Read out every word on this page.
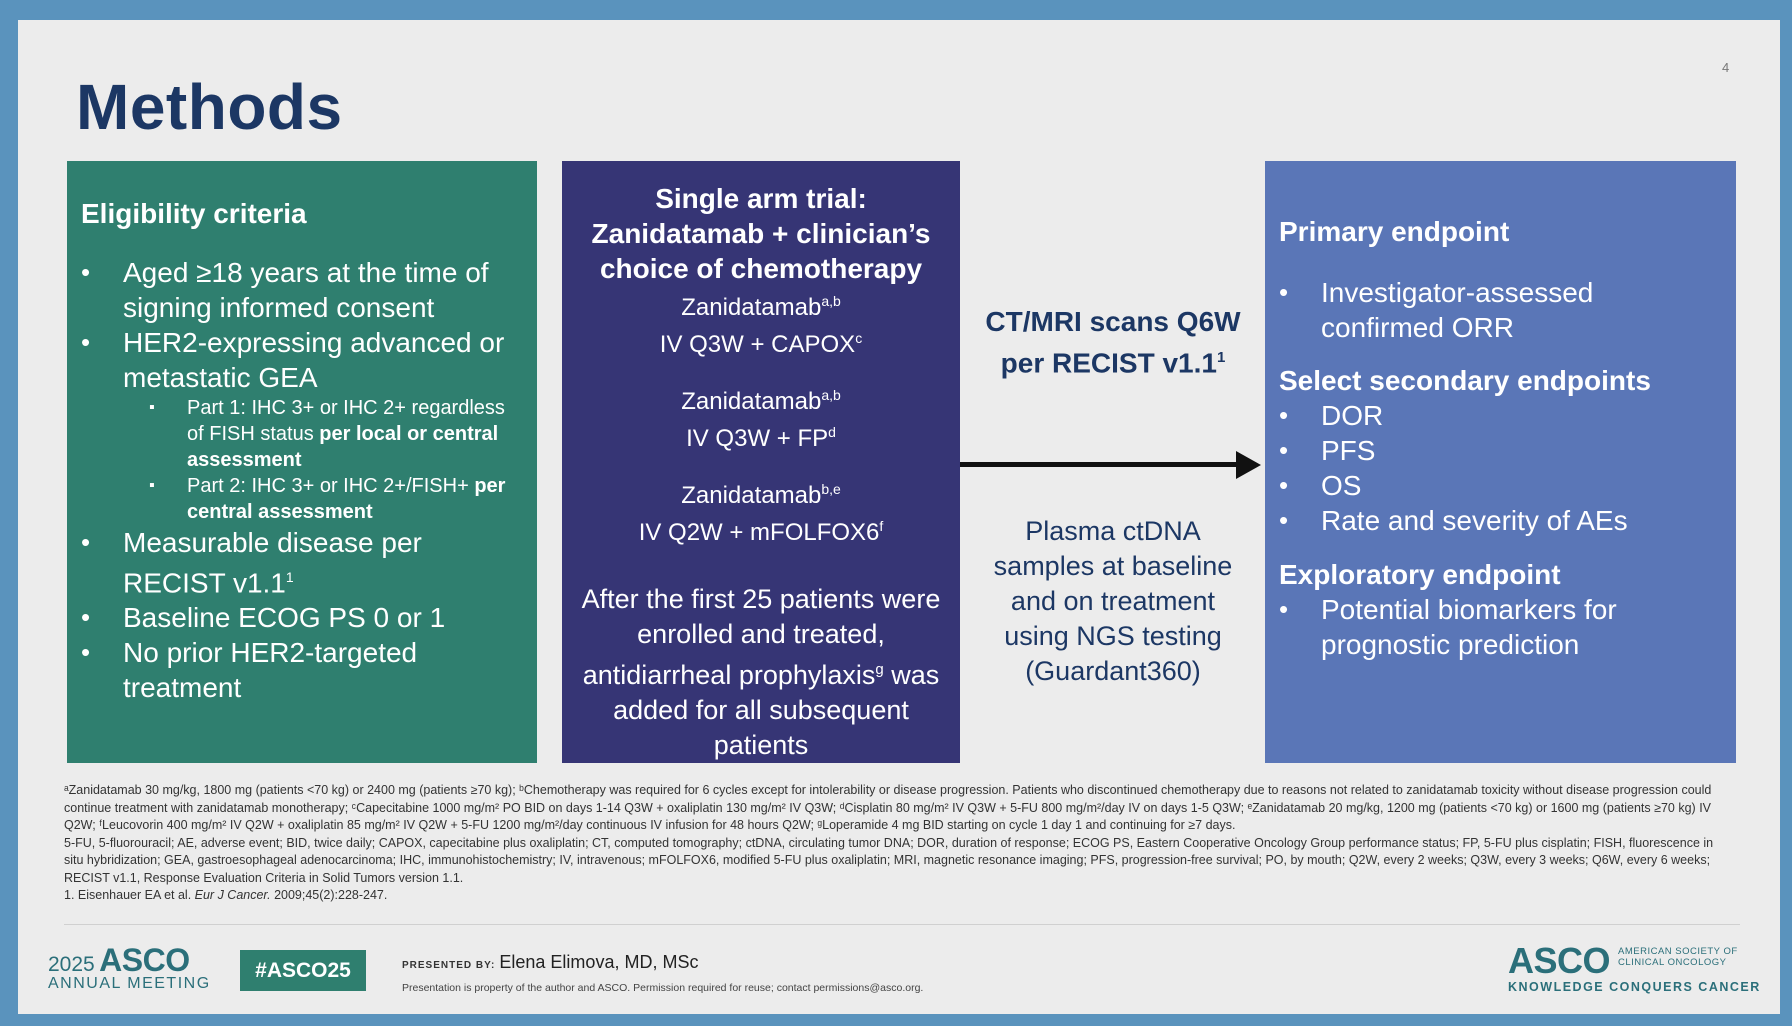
4
Methods
Eligibility criteria
• Aged ≥18 years at the time of signing informed consent
• HER2-expressing advanced or metastatic GEA
▪ Part 1: IHC 3+ or IHC 2+ regardless of FISH status per local or central assessment
▪ Part 2: IHC 3+ or IHC 2+/FISH+ per central assessment
• Measurable disease per RECIST $v1.1^1$
• Baseline ECOG PS 0 or 1
• No prior HER2-targeted treatment
Single arm trial: Zanidatamab + clinician’s choice of chemotherapy
Zanidatamab$^{a,b}$
IV $Q3W + CAPOX^c$
Zanidatamab$^{a,b}$
IV $Q3W + FP^d$
Zanidatamab$^{b,e}$
IV $Q2W + mFOLFOX6^f$
After the first 25 patients were enrolled and treated, antidiarrheal prophylaxis$^g$ was added for all subsequent patients
CT/MRI scans Q6W per RECIST $v1.1^1$
Plasma ctDNA samples at baseline and on treatment using NGS testing (Guardant360)
Primary endpoint
• Investigator-assessed confirmed ORR
Select secondary endpoints
• DOR
• PFS
• OS
• Rate and severity of AEs
Exploratory endpoint
• Potential biomarkers for prognostic prediction

ᵃZanidatamab 30 mg/kg, 1800 mg (patients <70 kg) or 2400 mg (patients ≥70 kg); ᵇChemotherapy was required for 6 cycles except for intolerability or disease progression. Patients who discontinued chemotherapy due to reasons not related to zanidatamab toxicity without disease progression could continue treatment with zanidatamab monotherapy; ᶜCapecitabine 1000 mg/m² PO BID on days 1-14 Q3W + oxaliplatin 130 mg/m² IV Q3W; ᵈCisplatin 80 mg/m² IV Q3W + 5-FU 800 mg/m²/day IV on days 1-5 Q3W; ᵉZanidatamab 20 mg/kg, 1200 mg (patients <70 kg) or 1600 mg (patients ≥70 kg) IV Q2W; ᶠLeucovorin 400 mg/m² IV Q2W + oxaliplatin 85 mg/m² IV Q2W + 5-FU 1200 mg/m²/day continuous IV infusion for 48 hours Q2W; ᵍLoperamide 4 mg BID starting on cycle 1 day 1 and continuing for ≥7 days.

5-FU, 5-fluorouracil; AE, adverse event; BID, twice daily; CAPOX, capecitabine plus oxaliplatin; CT, computed tomography; ctDNA, circulating tumor DNA; DOR, duration of response; ECOG PS, Eastern Cooperative Oncology Group performance status; FP, 5-FU plus cisplatin; FISH, fluorescence in situ hybridization; GEA, gastroesophageal adenocarcinoma; IHC, immunohistochemistry; IV, intravenous; mFOLFOX6, modified 5-FU plus oxaliplatin; MRI, magnetic resonance imaging; PFS, progression-free survival; PO, by mouth; Q2W, every 2 weeks; Q3W, every 3 weeks; Q6W, every 6 weeks; RECIST v1.1, Response Evaluation Criteria in Solid Tumors version 1.1.

1. Eisenhauer EA et al. Eur J Cancer. 2009;45(2):228-247.

2025 ASCO
ANNUAL MEETING
#ASCO25	PRESENTED BY: Elena Elimova, MD, MSc
Presentation is property of the author and ASCO. Permission required for reuse; contact permissions@asco.org.
ASCO AMERICAN SOCIETY OF
CLINICAL ONCOLOGY
KNOWLEDGE CONQUERS CANCER
